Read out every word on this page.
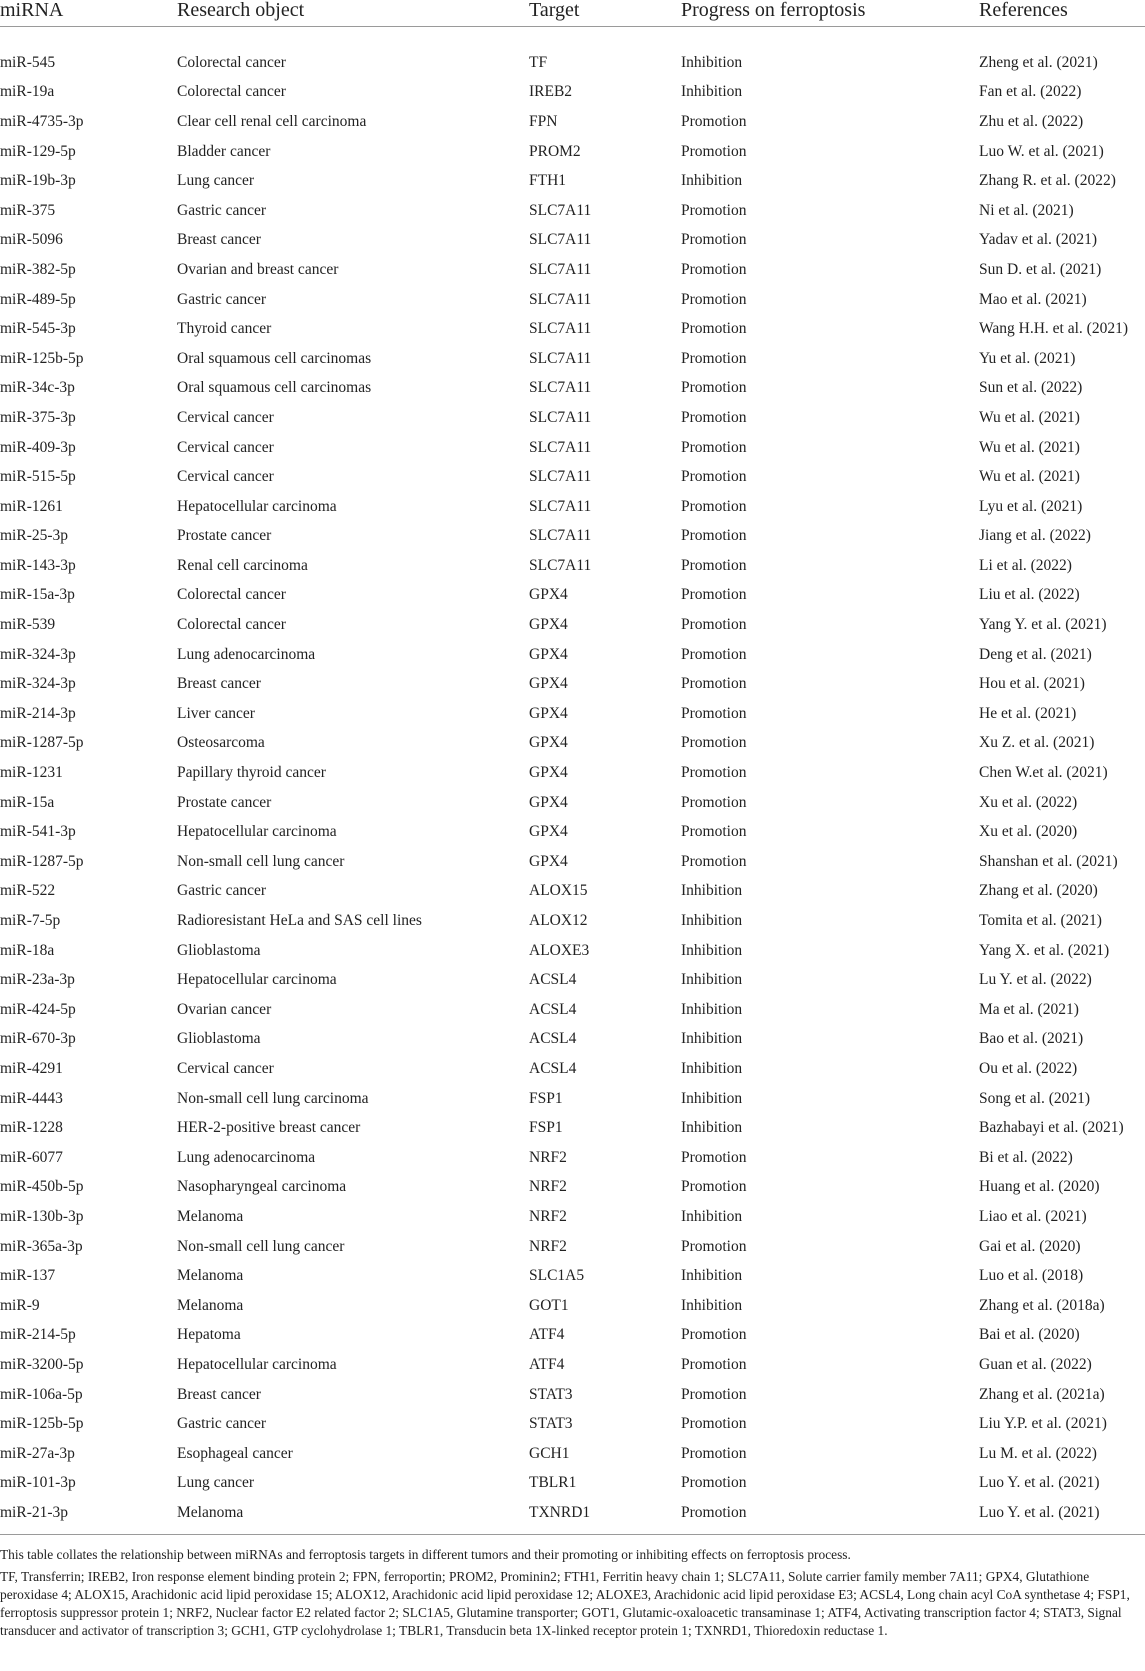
miRNA	Research object	Target	Progress on ferroptosis	References

miR-545	Colorectal cancer	TF	Inhibition	Zheng et al. (2021)
miR-19a	Colorectal cancer	IREB2	Inhibition	Fan et al. (2022)
miR-4735-3p	Clear cell renal cell carcinoma	FPN	Promotion	Zhu et al. (2022)
miR-129-5p	Bladder cancer	PROM2	Promotion	Luo W. et al. (2021)
miR-19b-3p	Lung cancer	FTH1	Inhibition	Zhang R. et al. (2022)
miR-375	Gastric cancer	SLC7A11	Promotion	Ni et al. (2021)
miR-5096	Breast cancer	SLC7A11	Promotion	Yadav et al. (2021)
miR-382-5p	Ovarian and breast cancer	SLC7A11	Promotion	Sun D. et al. (2021)
miR-489-5p	Gastric cancer	SLC7A11	Promotion	Mao et al. (2021)
miR-545-3p	Thyroid cancer	SLC7A11	Promotion	Wang H.H. et al. (2021)
miR-125b-5p	Oral squamous cell carcinomas	SLC7A11	Promotion	Yu et al. (2021)
miR-34c-3p	Oral squamous cell carcinomas	SLC7A11	Promotion	Sun et al. (2022)
miR-375-3p	Cervical cancer	SLC7A11	Promotion	Wu et al. (2021)
miR-409-3p	Cervical cancer	SLC7A11	Promotion	Wu et al. (2021)
miR-515-5p	Cervical cancer	SLC7A11	Promotion	Wu et al. (2021)
miR-1261	Hepatocellular carcinoma	SLC7A11	Promotion	Lyu et al. (2021)
miR-25-3p	Prostate cancer	SLC7A11	Promotion	Jiang et al. (2022)
miR-143-3p	Renal cell carcinoma	SLC7A11	Promotion	Li et al. (2022)
miR-15a-3p	Colorectal cancer	GPX4	Promotion	Liu et al. (2022)
miR-539	Colorectal cancer	GPX4	Promotion	Yang Y. et al. (2021)
miR-324-3p	Lung adenocarcinoma	GPX4	Promotion	Deng et al. (2021)
miR-324-3p	Breast cancer	GPX4	Promotion	Hou et al. (2021)
miR-214-3p	Liver cancer	GPX4	Promotion	He et al. (2021)
miR-1287-5p	Osteosarcoma	GPX4	Promotion	Xu Z. et al. (2021)
miR-1231	Papillary thyroid cancer	GPX4	Promotion	Chen W.et al. (2021)
miR-15a	Prostate cancer	GPX4	Promotion	Xu et al. (2022)
miR-541-3p	Hepatocellular carcinoma	GPX4	Promotion	Xu et al. (2020)
miR-1287-5p	Non-small cell lung cancer	GPX4	Promotion	Shanshan et al. (2021)
miR-522	Gastric cancer	ALOX15	Inhibition	Zhang et al. (2020)
miR-7-5p	Radioresistant HeLa and SAS cell lines	ALOX12	Inhibition	Tomita et al. (2021)
miR-18a	Glioblastoma	ALOXE3	Inhibition	Yang X. et al. (2021)
miR-23a-3p	Hepatocellular carcinoma	ACSL4	Inhibition	Lu Y. et al. (2022)
miR-424-5p	Ovarian cancer	ACSL4	Inhibition	Ma et al. (2021)
miR-670-3p	Glioblastoma	ACSL4	Inhibition	Bao et al. (2021)
miR-4291	Cervical cancer	ACSL4	Inhibition	Ou et al. (2022)
miR-4443	Non-small cell lung carcinoma	FSP1	Inhibition	Song et al. (2021)
miR-1228	HER-2-positive breast cancer	FSP1	Inhibition	Bazhabayi et al. (2021)
miR-6077	Lung adenocarcinoma	NRF2	Promotion	Bi et al. (2022)
miR-450b-5p	Nasopharyngeal carcinoma	NRF2	Promotion	Huang et al. (2020)
miR-130b-3p	Melanoma	NRF2	Inhibition	Liao et al. (2021)
miR-365a-3p	Non-small cell lung cancer	NRF2	Promotion	Gai et al. (2020)
miR-137	Melanoma	SLC1A5	Inhibition	Luo et al. (2018)
miR-9	Melanoma	GOT1	Inhibition	Zhang et al. (2018a)
miR-214-5p	Hepatoma	ATF4	Promotion	Bai et al. (2020)
miR-3200-5p	Hepatocellular carcinoma	ATF4	Promotion	Guan et al. (2022)
miR-106a-5p	Breast cancer	STAT3	Promotion	Zhang et al. (2021a)
miR-125b-5p	Gastric cancer	STAT3	Promotion	Liu Y.P. et al. (2021)
miR-27a-3p	Esophageal cancer	GCH1	Promotion	Lu M. et al. (2022)
miR-101-3p	Lung cancer	TBLR1	Promotion	Luo Y. et al. (2021)
miR-21-3p	Melanoma	TXNRD1	Promotion	Luo Y. et al. (2021)

This table collates the relationship between miRNAs and ferroptosis targets in different tumors and their promoting or inhibiting effects on ferroptosis process.

TF, Transferrin; IREB2, Iron response element binding protein 2; FPN, ferroportin; PROM2, Prominin2; FTH1, Ferritin heavy chain 1; SLC7A11, Solute carrier family member 7A11; GPX4, Glutathione peroxidase 4; ALOX15, Arachidonic acid lipid peroxidase 15; ALOX12, Arachidonic acid lipid peroxidase 12; ALOXE3, Arachidonic acid lipid peroxidase E3; ACSL4, Long chain acyl CoA synthetase 4; FSP1, ferroptosis suppressor protein 1; NRF2, Nuclear factor E2 related factor 2; SLC1A5, Glutamine transporter; GOT1, Glutamic-oxaloacetic transaminase 1; ATF4, Activating transcription factor 4; STAT3, Signal transducer and activator of transcription 3; GCH1, GTP cyclohydrolase 1; TBLR1, Transducin beta 1X-linked receptor protein 1; TXNRD1, Thioredoxin reductase 1.
